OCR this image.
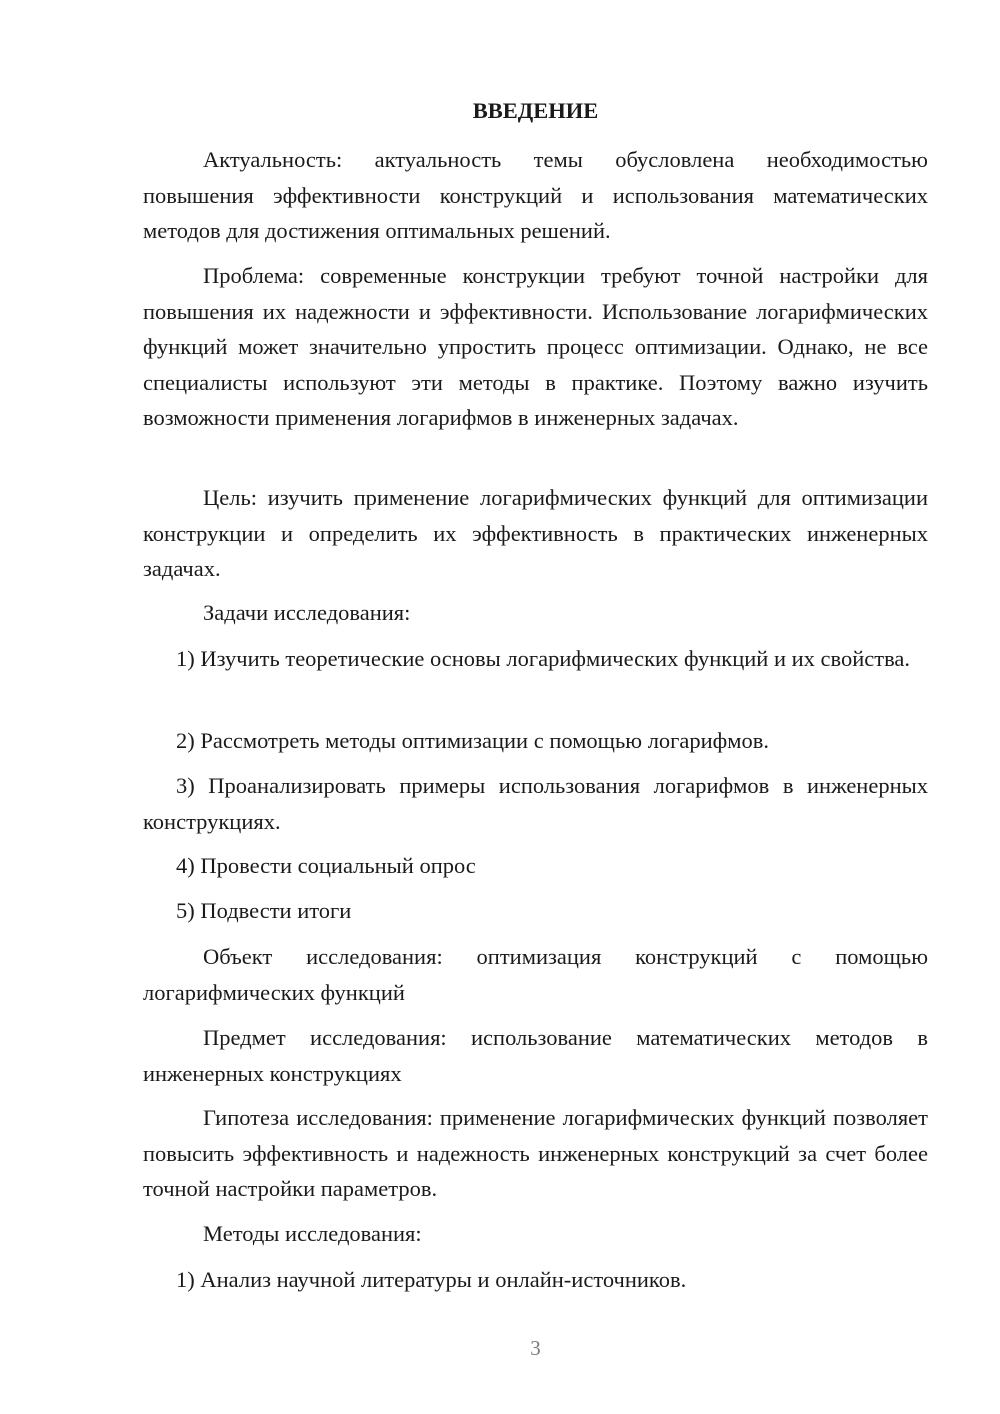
ВВЕДЕНИЕ

Актуальность: актуальность темы обусловлена необходимостью повышения эффективности конструкций и использования математических методов для достижения оптимальных решений.

Проблема: современные конструкции требуют точной настройки для повышения их надежности и эффективности. Использование логарифмических функций может значительно упростить процесс оптимизации. Однако, не все специалисты используют эти методы в практике. Поэтому важно изучить возможности применения логарифмов в инженерных задачах.

Цель: изучить применение логарифмических функций для оптимизации конструкции и определить их эффективность в практических инженерных задачах.

Задачи исследования:

1) Изучить теоретические основы логарифмических функций и их свойства.

2) Рассмотреть методы оптимизации с помощью логарифмов.

3) Проанализировать примеры использования логарифмов в инженерных конструкциях.

4) Провести социальный опрос

5) Подвести итоги

Объект исследования: оптимизация конструкций с помощью логарифмических функций

Предмет исследования: использование математических методов в инженерных конструкциях

Гипотеза исследования: применение логарифмических функций позволяет повысить эффективность и надежность инженерных конструкций за счет более точной настройки параметров.

Методы исследования:

1) Анализ научной литературы и онлайн-источников.

3
